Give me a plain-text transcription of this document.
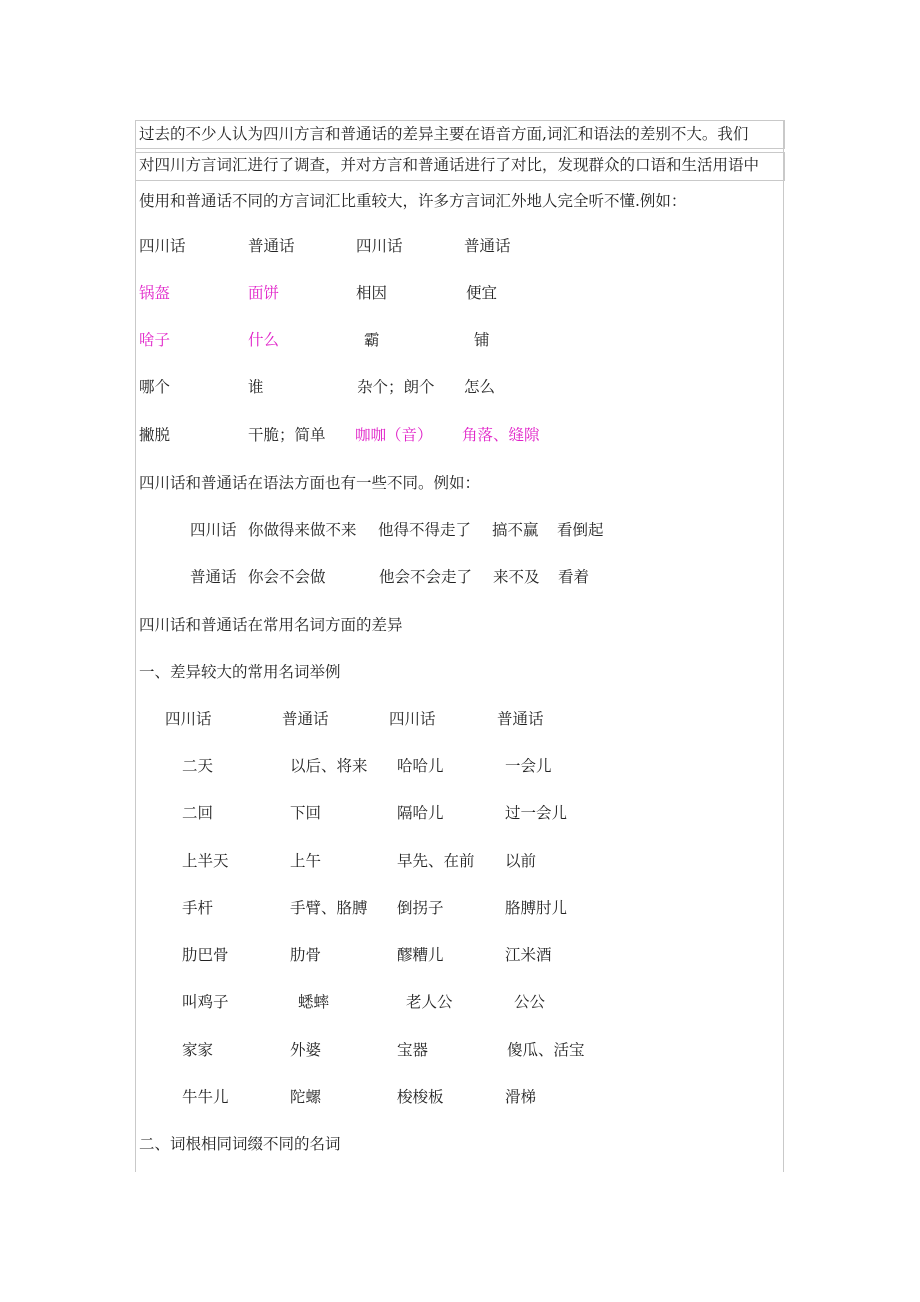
过去的不少人认为四川方言和普通话的差异主要在语音方面,词汇和语法的差别不大。我们
对四川方言词汇进行了调查，并对方言和普通话进行了对比，发现群众的口语和生活用语中
使用和普通话不同的方言词汇比重较大，许多方言词汇外地人完全听不懂.例如：
四川话	普通话	四川话	普通话
锅盔	面饼	相因	便宜
啥子	什么	霸	铺
哪个	谁	杂个；朗个 怎么
撇脱	干脆；简单 咖咖（音） 角落、缝隙
四川话和普通话在语法方面也有一些不同。例如：
四川话 你做得来做不来 他得不得走了 搞不赢 看倒起
普通话 你会不会做	他会不会走了 来不及 看着
四川话和普通话在常用名词方面的差异
一、差异较大的常用名词举例
四川话	普通话	四川话	普通话
二天	以后、将来 哈哈儿	一会儿
二回	下回	隔哈儿	过一会儿
上半天	上午	早先、在前 以前
手杆	手臂、胳膊 倒拐子	胳膊肘儿
肋巴骨	肋骨	醪糟儿	江米酒
叫鸡子	蟋蟀	老人公	公公
家家	外婆	宝器	傻瓜、活宝
牛牛儿	陀螺	梭梭板	滑梯
二、词根相同词缀不同的名词
